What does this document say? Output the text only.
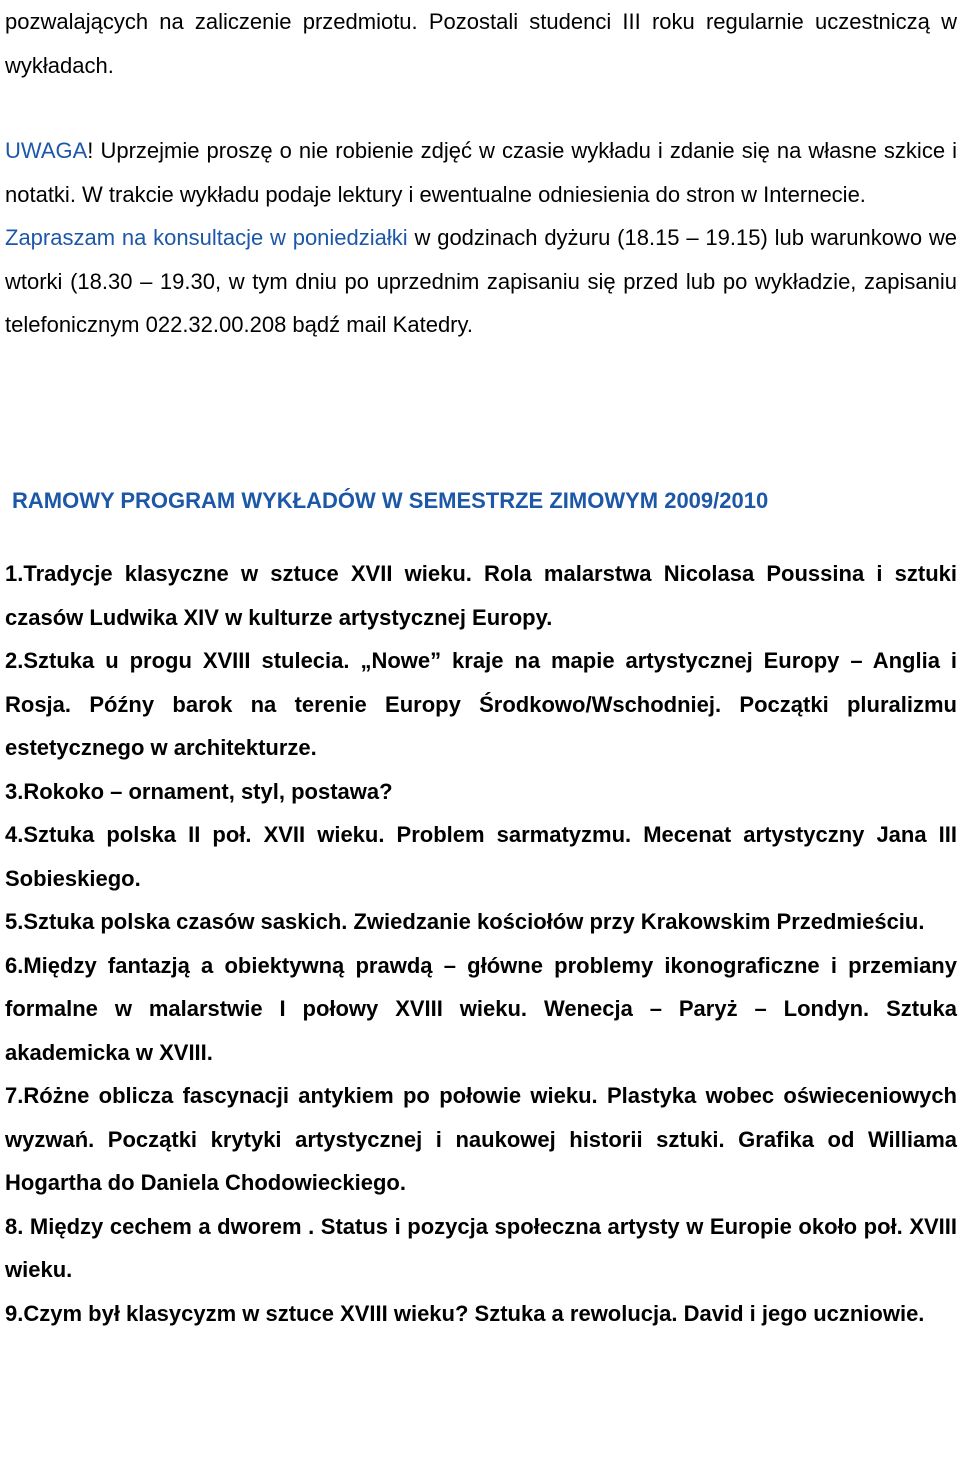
pozwalających na zaliczenie przedmiotu. Pozostali studenci III roku regularnie uczestniczą w wykładach.

UWAGA! Uprzejmie proszę o nie robienie zdjęć w czasie wykładu i zdanie się na własne szkice i notatki. W trakcie wykładu podaje lektury i ewentualne odniesienia do stron w Internecie.

Zapraszam na konsultacje w poniedziałki w godzinach dyżuru (18.15 – 19.15) lub warunkowo we wtorki (18.30 – 19.30, w tym dniu po uprzednim zapisaniu się przed lub po wykładzie, zapisaniu telefonicznym 022.32.00.208 bądź mail Katedry.

RAMOWY PROGRAM WYKŁADÓW W SEMESTRZE ZIMOWYM 2009/2010

1.Tradycje klasyczne w sztuce XVII wieku. Rola malarstwa Nicolasa Poussina i sztuki czasów Ludwika XIV w kulturze artystycznej Europy.

2.Sztuka u progu XVIII stulecia. „Nowe” kraje na mapie artystycznej Europy – Anglia i Rosja. Późny barok na terenie Europy Środkowo/Wschodniej. Początki pluralizmu estetycznego w architekturze.

3.Rokoko – ornament, styl, postawa?

4.Sztuka polska II poł. XVII wieku. Problem sarmatyzmu. Mecenat artystyczny Jana III Sobieskiego.

5.Sztuka polska czasów saskich. Zwiedzanie kościołów przy Krakowskim Przedmieściu.

6.Między fantazją a obiektywną prawdą – główne problemy ikonograficzne i przemiany formalne w malarstwie I połowy XVIII wieku. Wenecja – Paryż – Londyn. Sztuka akademicka w XVIII.

7.Różne oblicza fascynacji antykiem po połowie wieku. Plastyka wobec oświeceniowych wyzwań. Początki krytyki artystycznej i naukowej historii sztuki. Grafika od Williama Hogartha do Daniela Chodowieckiego.

8. Między cechem a dworem . Status i pozycja społeczna artysty w Europie około poł. XVIII wieku.

9.Czym był klasycyzm w sztuce XVIII wieku? Sztuka a rewolucja. David i jego uczniowie.
